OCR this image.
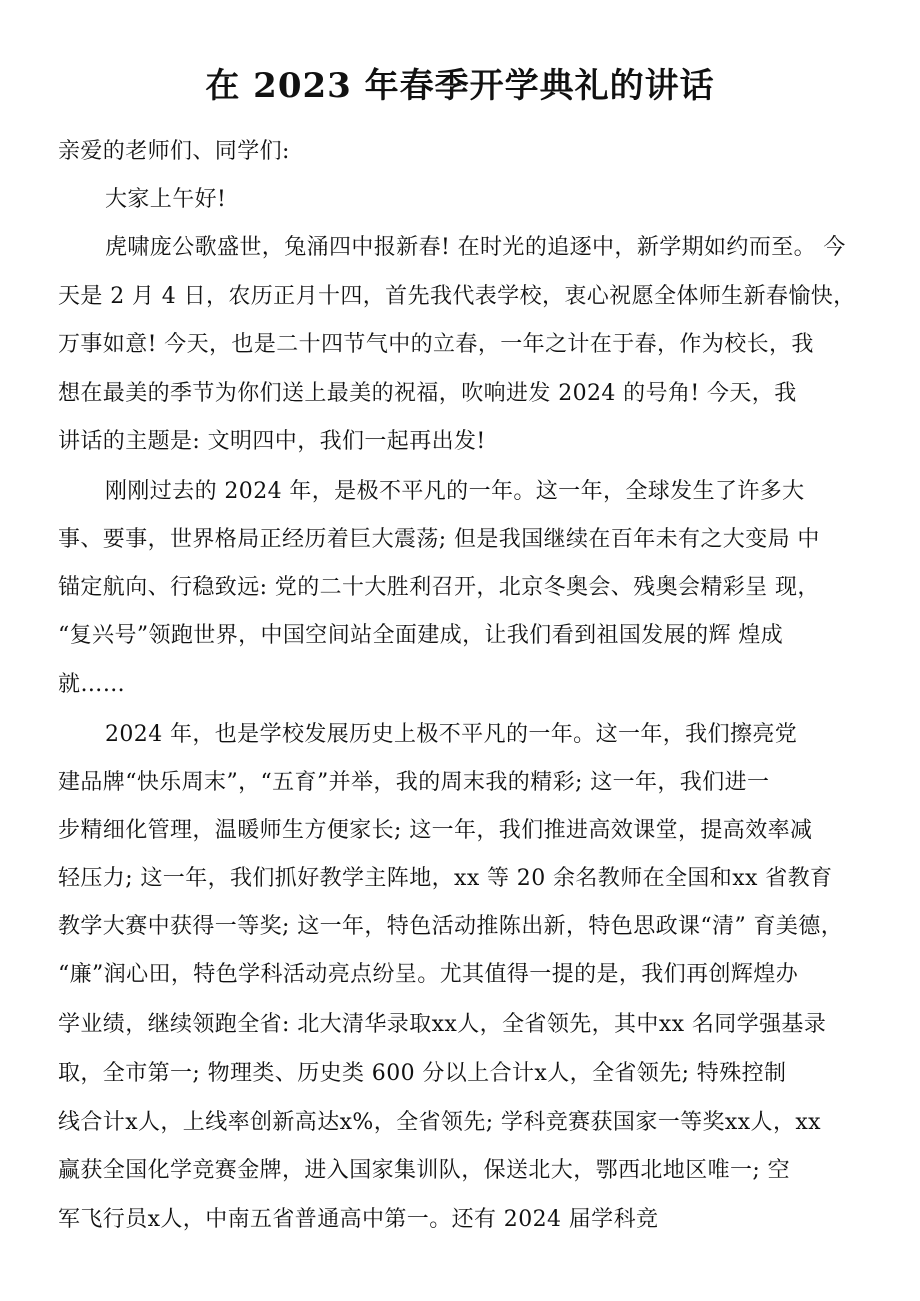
在 2023 年春季开学典礼的讲话
亲爱的老师们、同学们:
大家上午好!
虎啸庞公歌盛世，兔涌四中报新春! 在时光的追逐中，新学期如约而至。 今
天是 2 月 4 日，农历正月十四，首先我代表学校，衷心祝愿全体师生新春愉快，
万事如意! 今天，也是二十四节气中的立春，一年之计在于春，作为校长，我
想在最美的季节为你们送上最美的祝福，吹响进发 2024 的号角! 今天，我
讲话的主题是: 文明四中，我们一起再出发!
刚刚过去的 2024 年，是极不平凡的一年。这一年，全球发生了许多大
事、要事，世界格局正经历着巨大震荡; 但是我国继续在百年未有之大变局 中
锚定航向、行稳致远: 党的二十大胜利召开，北京冬奥会、残奥会精彩呈 现，
“复兴号”领跑世界，中国空间站全面建成，让我们看到祖国发展的辉 煌成
就……
2024 年，也是学校发展历史上极不平凡的一年。这一年，我们擦亮党
建品牌“快乐周末”，“五育”并举，我的周末我的精彩; 这一年，我们进一
步精细化管理，温暖师生方便家长; 这一年，我们推进高效课堂，提高效率减
轻压力; 这一年，我们抓好教学主阵地，xx 等 20 余名教师在全国和xx 省教育
教学大赛中获得一等奖; 这一年，特色活动推陈出新，特色思政课“清” 育美德，
“廉”润心田，特色学科活动亮点纷呈。尤其值得一提的是，我们再创辉煌办
学业绩，继续领跑全省: 北大清华录取xx人，全省领先，其中xx 名同学强基录
取，全市第一; 物理类、历史类 600 分以上合计x人，全省领先; 特殊控制
线合计x人，上线率创新高达x%，全省领先; 学科竞赛获国家一等奖xx人，xx
赢获全国化学竞赛金牌，进入国家集训队，保送北大，鄂西北地区唯一; 空
军飞行员x人，中南五省普通高中第一。还有 2024 届学科竞
